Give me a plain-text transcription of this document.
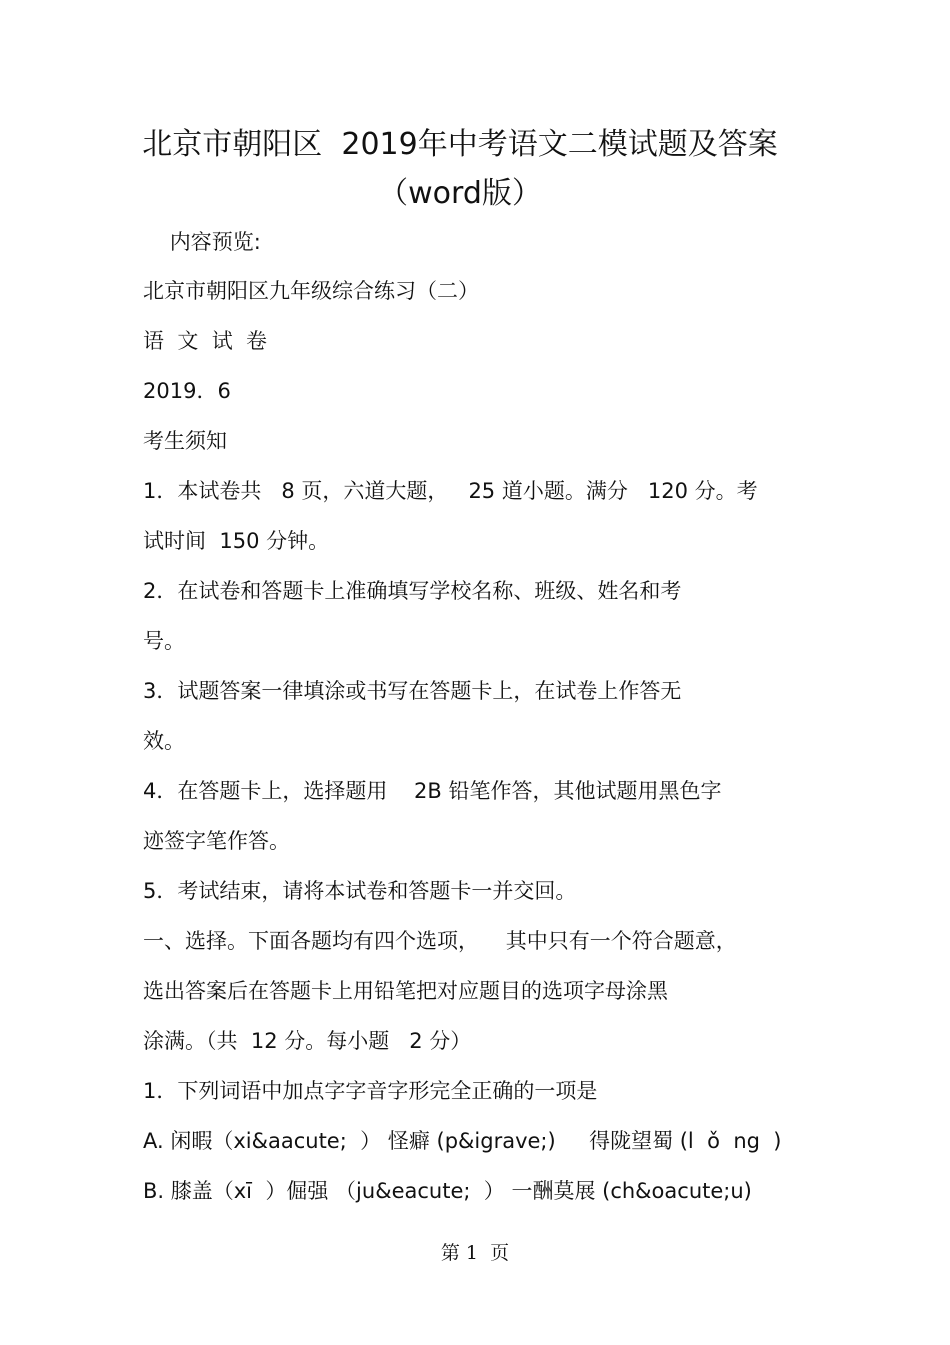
北京市朝阳区  2019年中考语文二模试题及答案
（word版）
内容预览:
北京市朝阳区九年级综合练习（二）
语  文  试  卷
2019．6
考生须知
1．本试卷共   8 页，六道大题，   25 道小题。满分   120 分。考
试时间  150 分钟。
2．在试卷和答题卡上准确填写学校名称、班级、姓名和考
号。
3．试题答案一律填涂或书写在答题卡上，在试卷上作答无
效。
4．在答题卡上，选择题用    2B 铅笔作答，其他试题用黑色字
迹签字笔作答。
5．考试结束，请将本试卷和答题卡一并交回。
一、选择。下面各题均有四个选项，    其中只有一个符合题意，
选出答案后在答题卡上用铅笔把对应题目的选项字母涂黑
涂满。（共  12 分。每小题   2 分）
1．下列词语中加点字字音字形完全正确的一项是
A. 闲暇（xi&aacute;  ） 怪癖 (p&igrave;)     得陇望蜀 (l  ǒ  ng  )
B. 膝盖（xī  ）倔强 （ju&eacute;  ） 一酬莫展 (ch&oacute;u)
第 1  页
